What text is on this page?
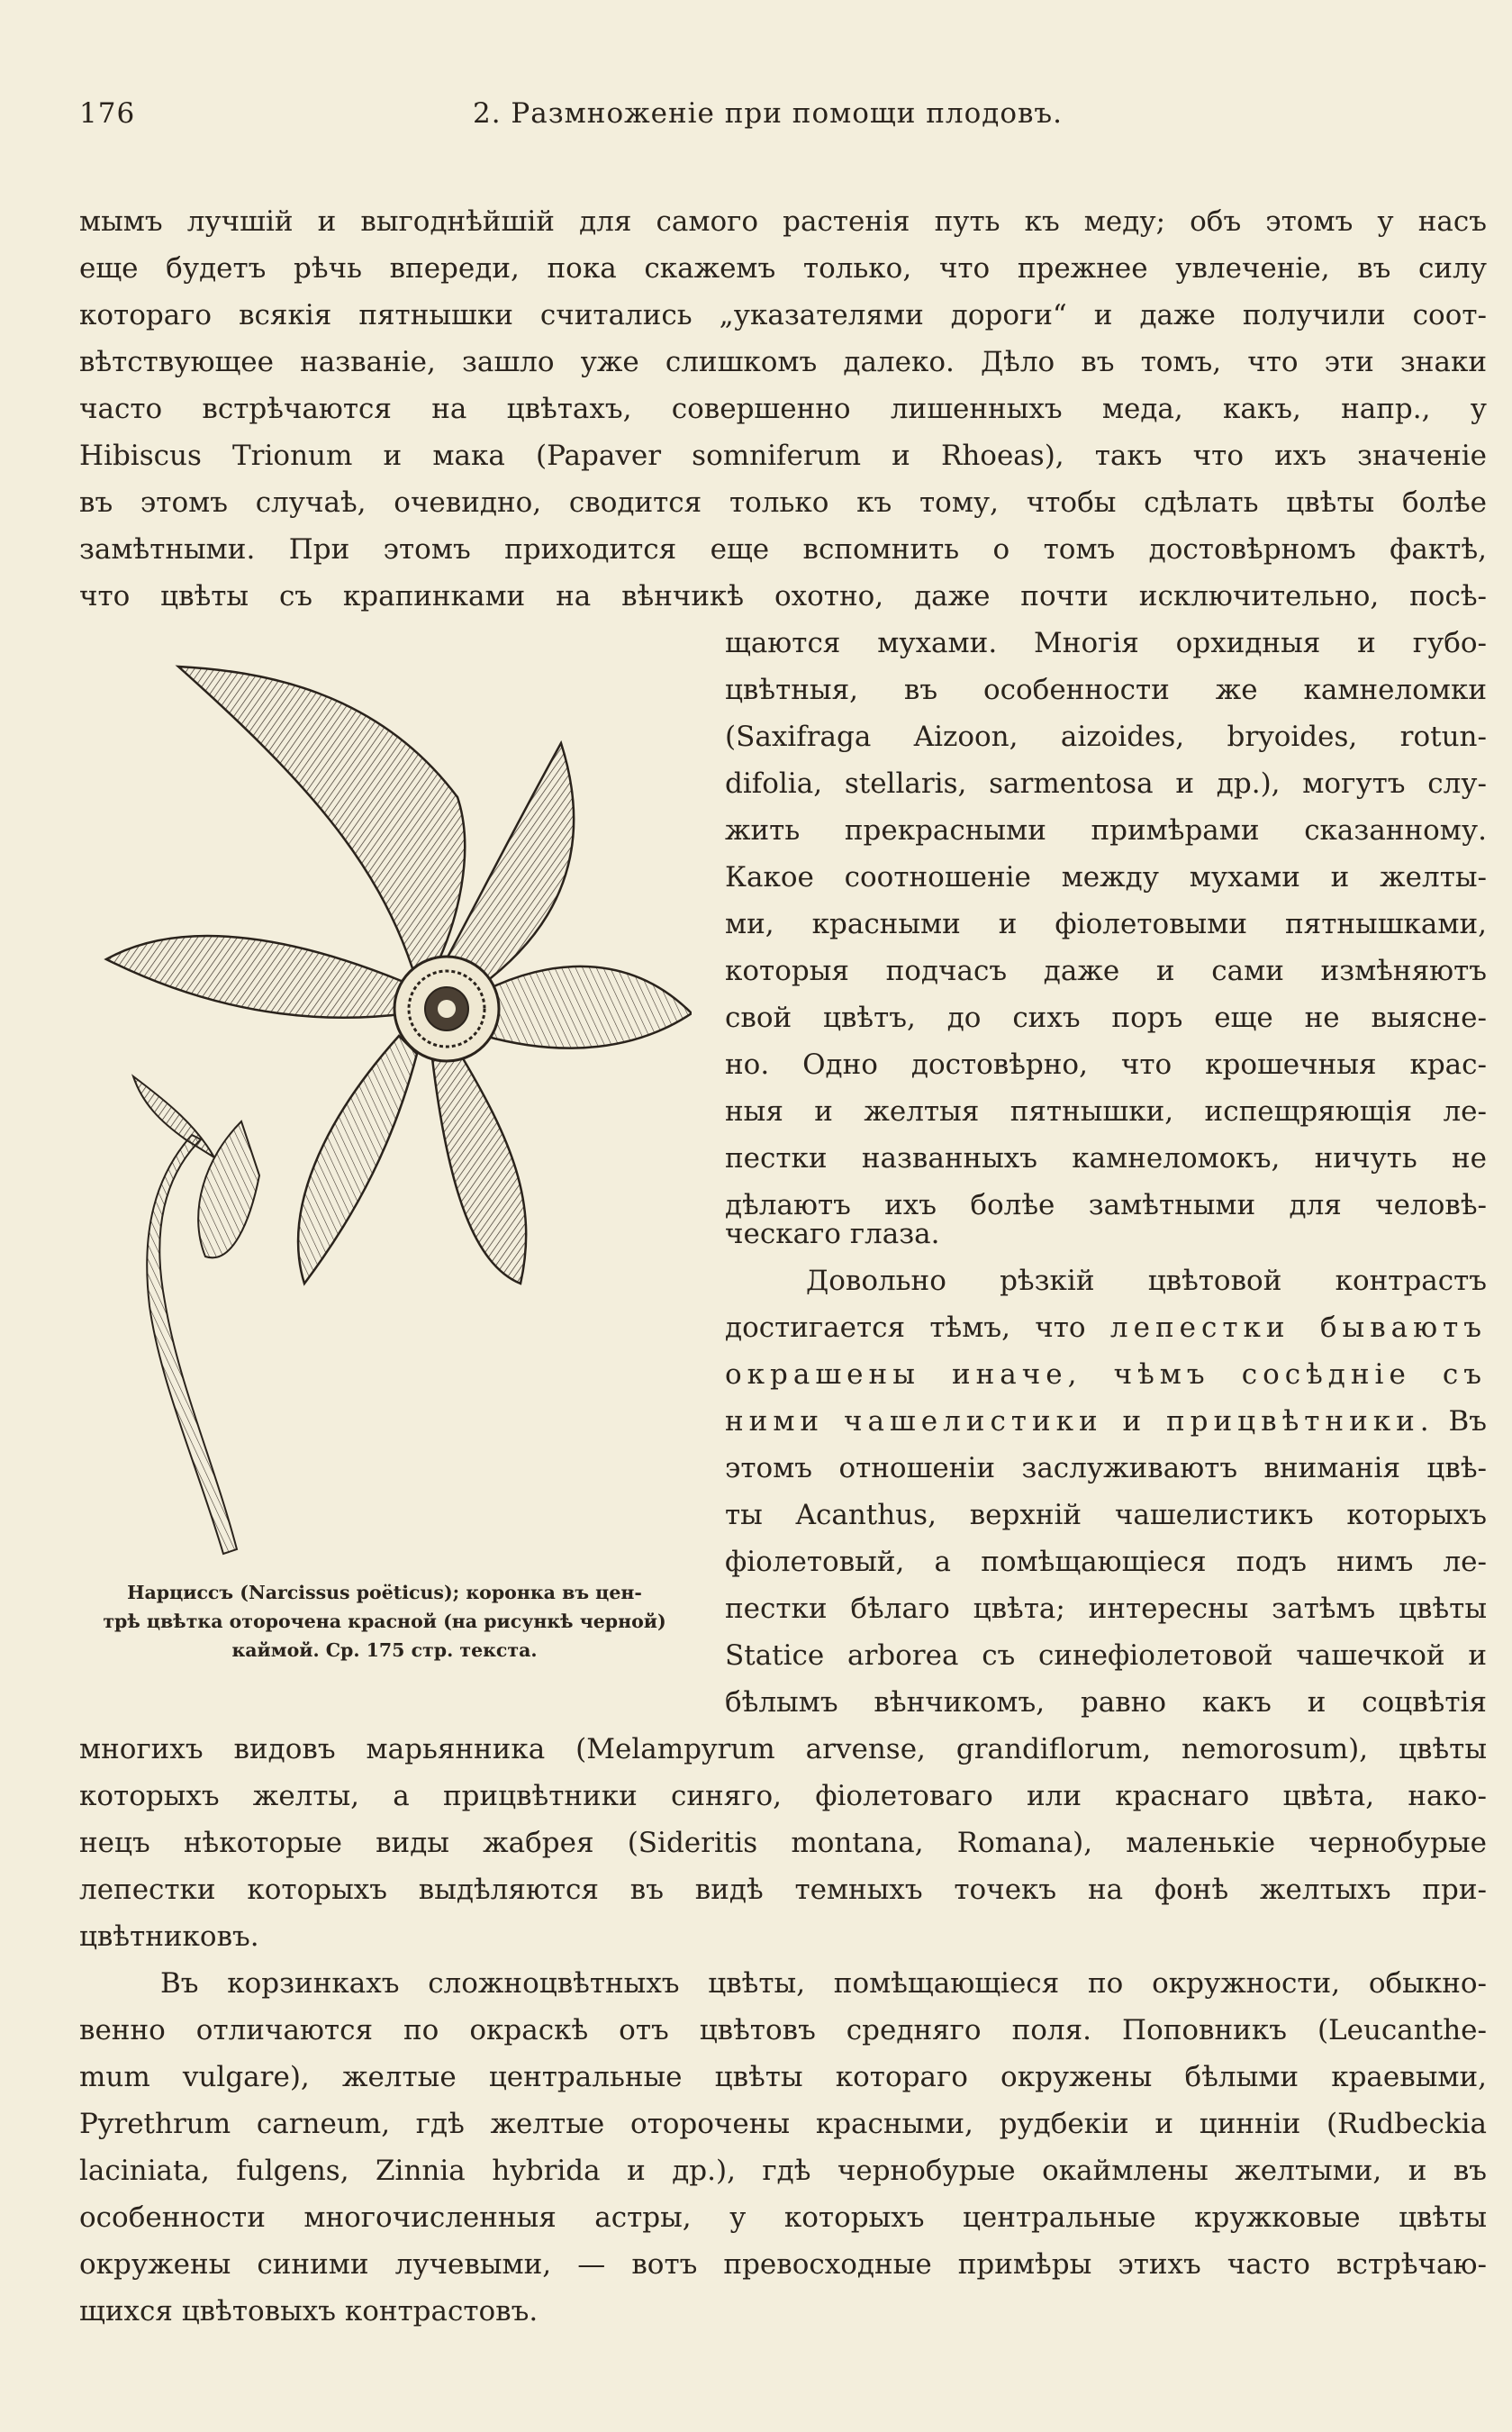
176	2. Размноженіе при помощи плодовъ.
мымъ лучшій и выгоднѣйшій для самого растенія путь къ меду; объ этомъ у насъ
еще будетъ рѣчь впереди, пока скажемъ только, что прежнее увлеченіе, въ силу
котораго всякія пятнышки считались „указателями дороги“ и даже получили соот-
вѣтствующее названіе, зашло уже слишкомъ далеко. Дѣло въ томъ, что эти знаки
часто встрѣчаются на цвѣтахъ, совершенно лишенныхъ меда, какъ, напр., у
Hibiscus Trionum и мака (Papaver somniferum и Rhoeas), такъ что ихъ значеніе
въ этомъ случаѣ, очевидно, сводится только къ тому, чтобы сдѣлать цвѣты болѣе
замѣтными. При этомъ приходится еще вспомнить о томъ достовѣрномъ фактѣ,
что цвѣты съ крапинками на вѣнчикѣ охотно, даже почти исключительно, посѣ-
щаются мухами. Многія орхидныя и губо-
цвѣтныя, въ особенности же камнеломки
(Saxifraga Aizoon, aizoides, bryoides, rotun-
difolia, stellaris, sarmentosa и др.), могутъ слу-
жить прекрасными примѣрами сказанному.
Какое соотношеніе между мухами и желты-
ми, красными и фіолетовыми пятнышками,
которыя подчасъ даже и сами измѣняютъ
свой цвѣтъ, до сихъ поръ еще не выясне-
но. Одно достовѣрно, что крошечныя крас-
ныя и желтыя пятнышки, испещряющія ле-
пестки названныхъ камнеломокъ, ничуть не
дѣлаютъ ихъ болѣе замѣтными для человѣ-
ческаго глаза.
Довольно рѣзкій цвѣтовой контрастъ
достигается тѣмъ, что лепестки бываютъ
окрашены иначе, чѣмъ сосѣдніе съ
ними чашелистики и прицвѣтники. Въ
этомъ отношеніи заслуживаютъ вниманія цвѣ-
ты Acanthus, верхній чашелистикъ которыхъ
фіолетовый, а помѣщающіеся подъ нимъ ле-
пестки бѣлаго цвѣта; интересны затѣмъ цвѣты
Statice arborea съ синефіолетовой чашечкой и
бѣлымъ вѣнчикомъ, равно какъ и соцвѣтія
многихъ видовъ марьянника (Melampyrum arvense, grandiflorum, nemorosum), цвѣты
которыхъ желты, а прицвѣтники синяго, фіолетоваго или краснаго цвѣта, нако-
нецъ нѣкоторые виды жабрея (Sideritis montana, Romana), маленькіе чернобурые
лепестки которыхъ выдѣляются въ видѣ темныхъ точекъ на фонѣ желтыхъ при-
цвѣтниковъ.
Въ корзинкахъ сложноцвѣтныхъ цвѣты, помѣщающіеся по окружности, обыкно-
венно отличаются по окраскѣ отъ цвѣтовъ средняго поля. Поповникъ (Leucanthe-
mum vulgare), желтые центральные цвѣты котораго окружены бѣлыми краевыми,
Pyrethrum carneum, гдѣ желтые оторочены красными, рудбекіи и цинніи (Rudbeckia
laciniata, fulgens, Zinnia hybrida и др.), гдѣ чернобурые окаймлены желтыми, и въ
особенности многочисленныя астры, у которыхъ центральные кружковые цвѣты
окружены синими лучевыми, — вотъ превосходные примѣры этихъ часто встрѣчаю-
щихся цвѣтовыхъ контрастовъ.
Нарциссъ (Narcissus poëticus); коронка въ цен-
трѣ цвѣтка оторочена красной (на рисункѣ черной)
каймой. Ср. 175 стр. текста.
